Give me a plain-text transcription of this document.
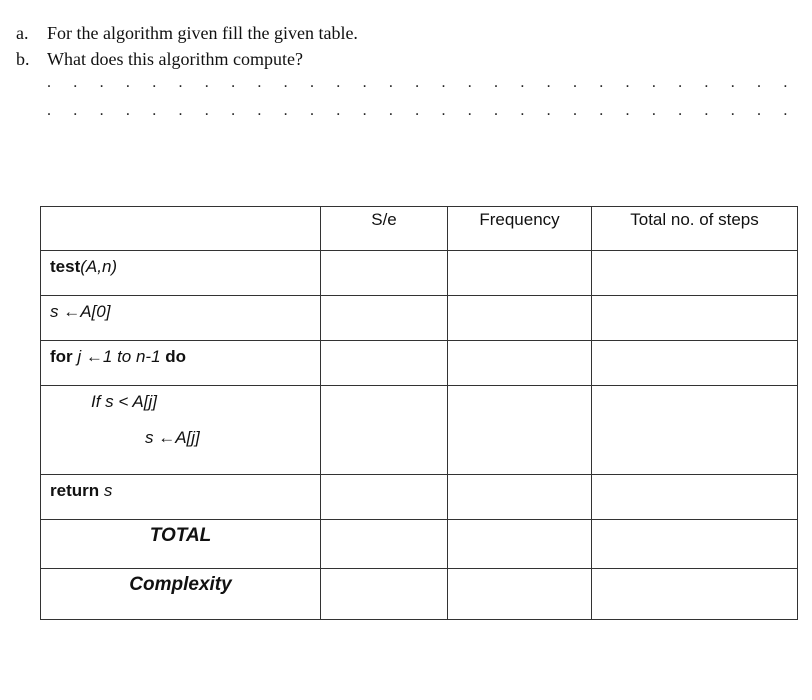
a. For the algorithm given fill the given table.
b. What does this algorithm compute?
. . . . . . . . . . . . . . . . . . . . . . . . . . . . .
. . . . . . . . . . . . . . . . . . . . . . . . . . . . .

	S/e	Frequency	Total no. of steps

test(A,n)			

s ←A[0]			

for j ←1 to n-1 do			

If s < A[j]
s ←A[j]			

return s			

TOTAL			

Complexity			
